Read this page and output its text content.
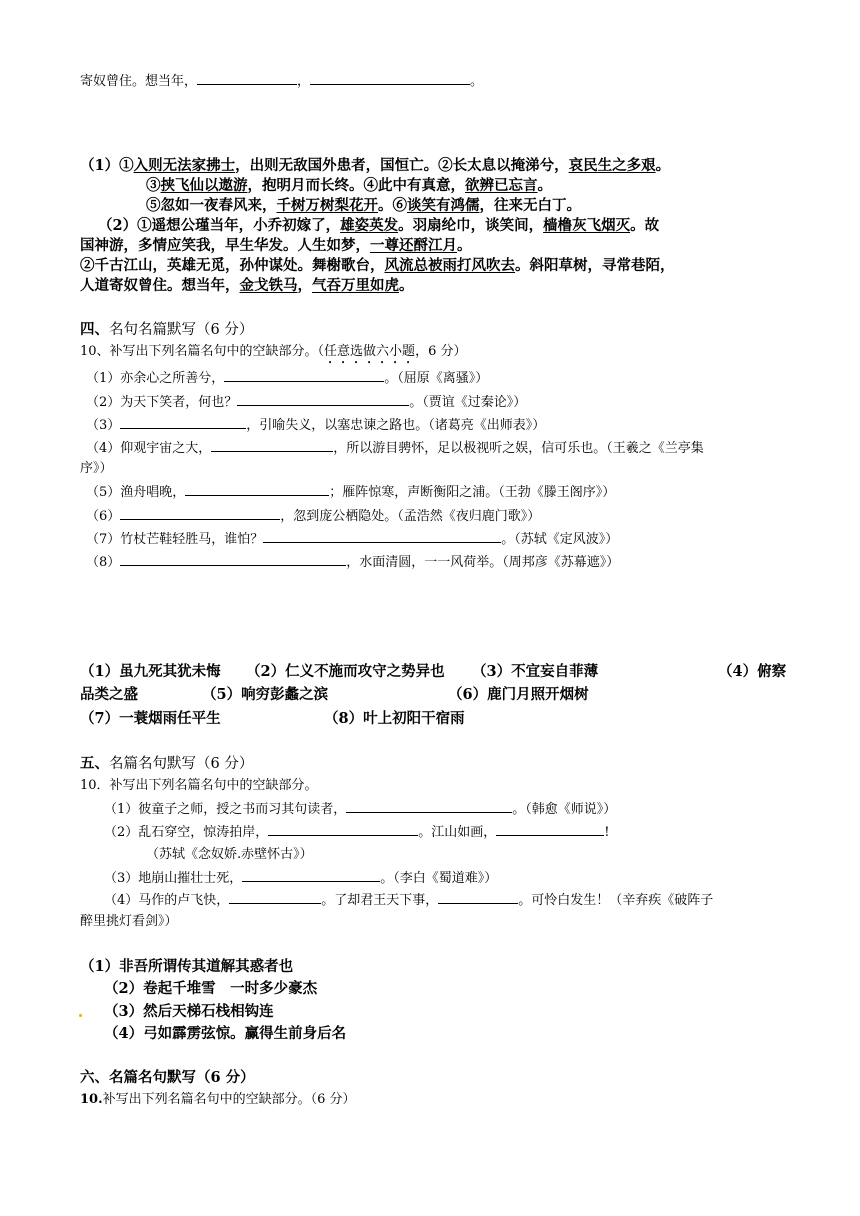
寄奴曾住。想当年，	，	。
（1）①入则无法家拂士，出则无敌国外患者，国恒亡。②长太息以掩涕兮，哀民生之多艰。
③挟飞仙以遨游，抱明月而长终。④此中有真意，欲辨已忘言。
⑤忽如一夜春风来，千树万树梨花开。⑥谈笑有鸿儒，往来无白丁。
（2）①遥想公瑾当年，小乔初嫁了，雄姿英发。羽扇纶巾，谈笑间，樯橹灰飞烟灭。故
国神游，多情应笑我，早生华发。人生如梦，一尊还酹江月。
②千古江山，英雄无觅，孙仲谋处。舞榭歌台，风流总被雨打风吹去。斜阳草树，寻常巷陌，
人道寄奴曾住。想当年，金戈铁马，气吞万里如虎。
四、名句名篇默写（6 分）
10、补写出下列名篇名句中的空缺部分。（任意选做六小题，6 分）
（1）亦余心之所善兮，	。（屈原《离骚》）
（2）为天下笑者，何也？	。（贾谊《过秦论》）
（3）	，引喻失义，以塞忠谏之路也。（诸葛亮《出师表》）
（4）仰观宇宙之大，	，所以游目骋怀，足以极视听之娱，信可乐也。（王羲之《兰亭集
序》）
（5）渔舟唱晚，	；雁阵惊寒，声断衡阳之浦。（王勃《滕王阁序》）
（6）	，忽到庞公栖隐处。（孟浩然《夜归鹿门歌》）
（7）竹杖芒鞋轻胜马，谁怕？	。（苏轼《定风波》）
（8）	，水面清圆，一一风荷举。（周邦彦《苏幕遮》）
（1）虽九死其犹未悔 （2）仁义不施而攻守之势异也 （3）不宜妄自菲薄	（4）俯察
品类之盛	（5）响穷彭蠡之滨	（6）鹿门月照开烟树
（7）一蓑烟雨任平生	（8）叶上初阳干宿雨
五、名篇名句默写（6 分）
10．补写出下列名篇名句中的空缺部分。
（1）彼童子之师，授之书而习其句读者，	。（韩愈《师说》）
（2）乱石穿空，惊涛拍岸，	。江山如画，	!
（苏轼《念奴娇.赤壁怀古》）
（3）地崩山摧壮士死，	。（李白《蜀道难》）
（4）马作的卢飞快，	。了却君王天下事，	。可怜白发生！（辛弃疾《破阵子
醉里挑灯看剑》）
（1）非吾所谓传其道解其惑者也
（2）卷起千堆雪　一时多少豪杰
（3）然后天梯石栈相钩连
（4）弓如霹雳弦惊。赢得生前身后名
六、名篇名句默写（6 分）
10.补写出下列名篇名句中的空缺部分。（6 分）
